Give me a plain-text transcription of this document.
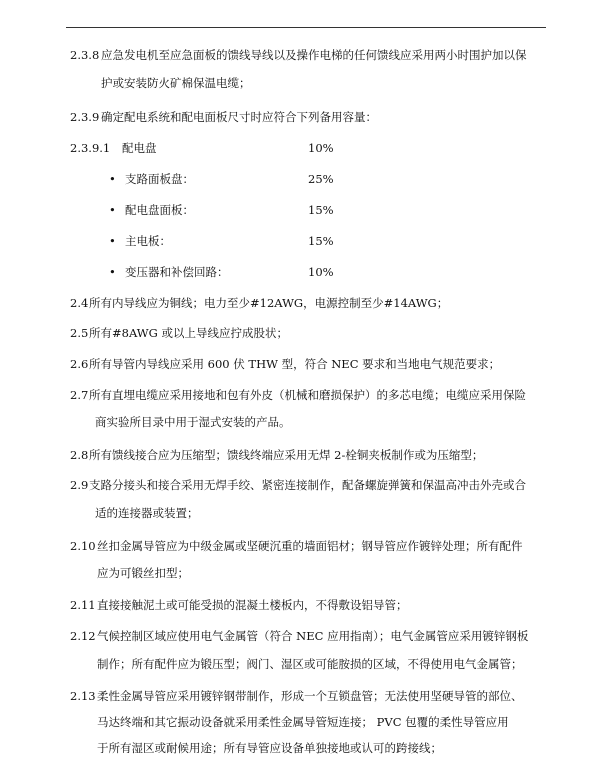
2.3.8 应急发电机至应急面板的馈线导线以及操作电梯的任何馈线应采用两小时围护加以保
护或安装防火矿棉保温电缆；
2.3.9 确定配电系统和配电面板尺寸时应符合下列备用容量：
2.3.9.1 配电盘	10%
• 支路面板盘：	25%
• 配电盘面板：	15%
• 主电板：	15%
• 变压器和补偿回路：	10%
2.4 所有内导线应为铜线；电力至少#12AWG，电源控制至少#14AWG；
2.5 所有#8AWG 或以上导线应拧成股状；
2.6 所有导管内导线应采用 600 伏 THW 型，符合 NEC 要求和当地电气规范要求；
2.7 所有直埋电缆应采用接地和包有外皮（机械和磨损保护）的多芯电缆；电缆应采用保险
商实验所目录中用于湿式安装的产品。
2.8 所有馈线接合应为压缩型；馈线终端应采用无焊 2-栓铜夹板制作或为压缩型；
2.9 支路分接头和接合采用无焊手绞、紧密连接制作，配备螺旋弹簧和保温高冲击外壳或合
适的连接器或装置；
2.10 丝扣金属导管应为中级金属或坚硬沉重的墙面铝材；钢导管应作镀锌处理；所有配件
应为可锻丝扣型；
2.11 直接接触泥土或可能受损的混凝土楼板内，不得敷设铝导管；
2.12 气候控制区域应使用电气金属管（符合 NEC 应用指南）；电气金属管应采用镀锌钢板
制作；所有配件应为锻压型；阀门、湿区或可能胺损的区域，不得使用电气金属管；
2.13 柔性金属导管应采用镀锌钢带制作，形成一个互锁盘管；无法使用坚硬导管的部位、
马达终端和其它振动设备就采用柔性金属导管短连接； PVC 包覆的柔性导管应用
于所有湿区或耐候用途；所有导管应设备单独接地或认可的跨接线；
